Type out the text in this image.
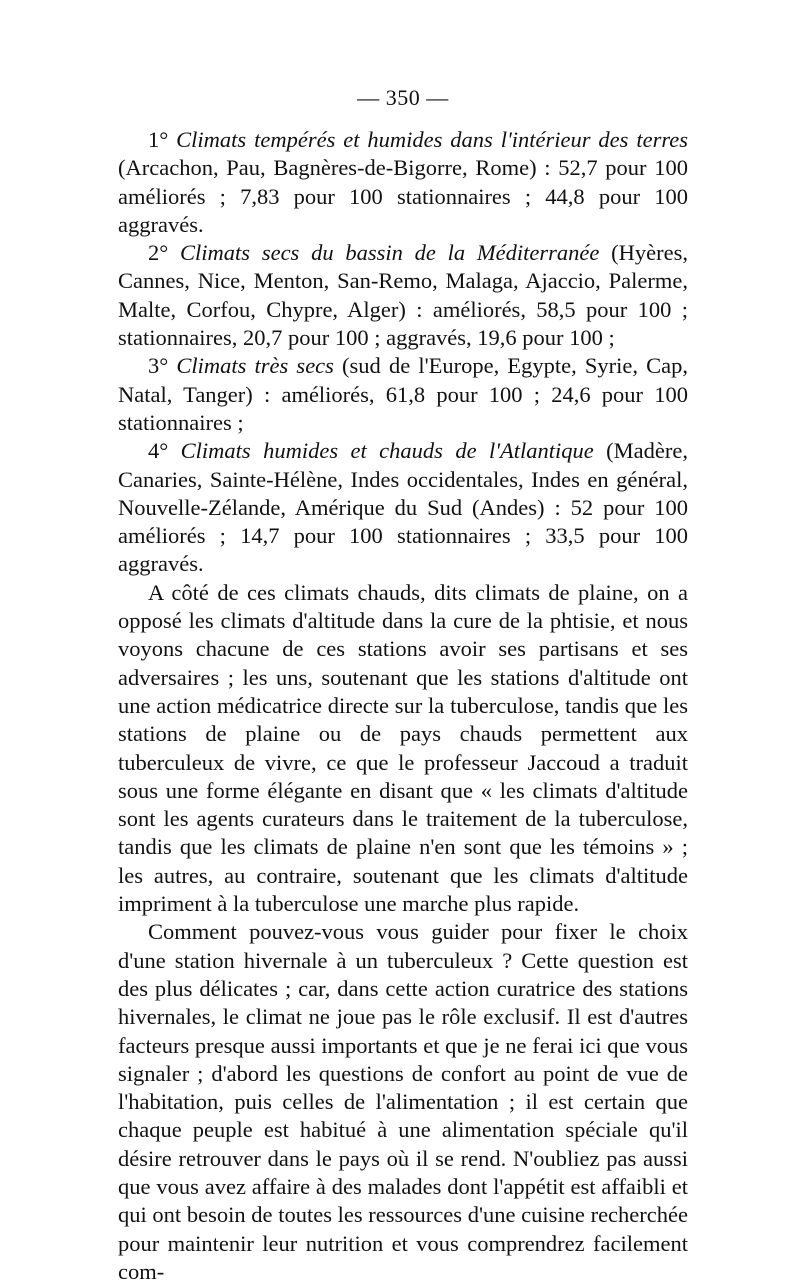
— 350 —

1° Climats tempérés et humides dans l'intérieur des terres (Arcachon, Pau, Bagnères-de-Bigorre, Rome) : 52,7 pour 100 améliorés ; 7,83 pour 100 stationnaires ; 44,8 pour 100 aggravés.

2° Climats secs du bassin de la Méditerranée (Hyères, Cannes, Nice, Menton, San-Remo, Malaga, Ajaccio, Palerme, Malte, Corfou, Chypre, Alger) : améliorés, 58,5 pour 100 ; stationnaires, 20,7 pour 100 ; aggravés, 19,6 pour 100 ;

3° Climats très secs (sud de l'Europe, Egypte, Syrie, Cap, Natal, Tanger) : améliorés, 61,8 pour 100 ; 24,6 pour 100 stationnaires ;

4° Climats humides et chauds de l'Atlantique (Madère, Canaries, Sainte-Hélène, Indes occidentales, Indes en général, Nouvelle-Zélande, Amérique du Sud (Andes) : 52 pour 100 améliorés ; 14,7 pour 100 stationnaires ; 33,5 pour 100 aggravés.

A côté de ces climats chauds, dits climats de plaine, on a opposé les climats d'altitude dans la cure de la phtisie, et nous voyons chacune de ces stations avoir ses partisans et ses adversaires ; les uns, soutenant que les stations d'altitude ont une action médicatrice directe sur la tuberculose, tandis que les stations de plaine ou de pays chauds permettent aux tuberculeux de vivre, ce que le professeur Jaccoud a traduit sous une forme élégante en disant que « les climats d'altitude sont les agents curateurs dans le traitement de la tuberculose, tandis que les climats de plaine n'en sont que les témoins » ; les autres, au contraire, soutenant que les climats d'altitude impriment à la tuberculose une marche plus rapide.

Comment pouvez-vous vous guider pour fixer le choix d'une station hivernale à un tuberculeux ? Cette question est des plus délicates ; car, dans cette action curatrice des stations hivernales, le climat ne joue pas le rôle exclusif. Il est d'autres facteurs presque aussi importants et que je ne ferai ici que vous signaler ; d'abord les questions de confort au point de vue de l'habitation, puis celles de l'alimentation ; il est certain que chaque peuple est habitué à une alimentation spéciale qu'il désire retrouver dans le pays où il se rend. N'oubliez pas aussi que vous avez affaire à des malades dont l'appétit est affaibli et qui ont besoin de toutes les ressources d'une cuisine recherchée pour maintenir leur nutrition et vous comprendrez facilement com-
